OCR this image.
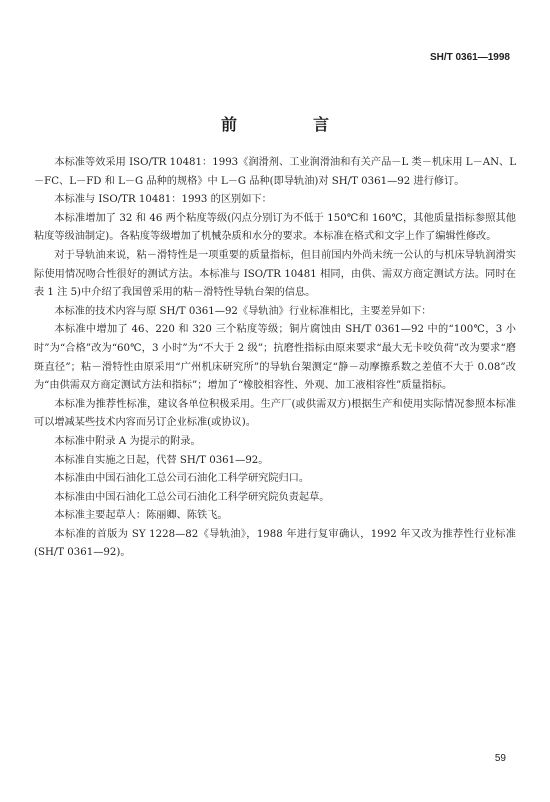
SH/T 0361—1998
前　言

本标准等效采用 ISO/TR 10481：1993《润滑剂、工业润滑油和有关产品－L 类－机床用 L－AN、L－FC、L－FD 和 L－G 品种的规格》中 L－G 品种(即导轨油)对 SH/T 0361—92 进行修订。

本标准与 ISO/TR 10481：1993 的区别如下：

本标准增加了 32 和 46 两个粘度等级(闪点分别订为不低于 150℃和 160℃，其他质量指标参照其他粘度等级油制定)。各粘度等级增加了机械杂质和水分的要求。本标准在格式和文字上作了编辑性修改。

对于导轨油来说，粘－滑特性是一项重要的质量指标，但目前国内外尚未统一公认的与机床导轨润滑实际使用情况吻合性很好的测试方法。本标准与 ISO/TR 10481 相同，由供、需双方商定测试方法。同时在表 1 注 5)中介绍了我国曾采用的粘－滑特性导轨台架的信息。

本标准的技术内容与原 SH/T 0361—92《导轨油》行业标准相比，主要差异如下：

本标准中增加了 46、220 和 320 三个粘度等级；铜片腐蚀由 SH/T 0361—92 中的“100℃，3 小时”为“合格”改为“60℃，3 小时”为“不大于 2 级”；抗磨性指标由原来要求“最大无卡咬负荷”改为要求“磨斑直径”；粘－滑特性由原采用“广州机床研究所”的导轨台架测定“静－动摩擦系数之差值不大于 0.08”改为“由供需双方商定测试方法和指标”；增加了“橡胶相容性、外观、加工液相容性”质量指标。

本标准为推荐性标准，建议各单位积极采用。生产厂(或供需双方)根据生产和使用实际情况参照本标准可以增减某些技术内容而另订企业标准(或协议)。

本标准中附录 A 为提示的附录。

本标准自实施之日起，代替 SH/T 0361—92。

本标准由中国石油化工总公司石油化工科学研究院归口。

本标准由中国石油化工总公司石油化工科学研究院负责起草。

本标准主要起草人：陈丽卿、陈铁飞。

本标准的首版为 SY 1228—82《导轨油》，1988 年进行复审确认，1992 年又改为推荐性行业标准(SH/T 0361—92)。

59
